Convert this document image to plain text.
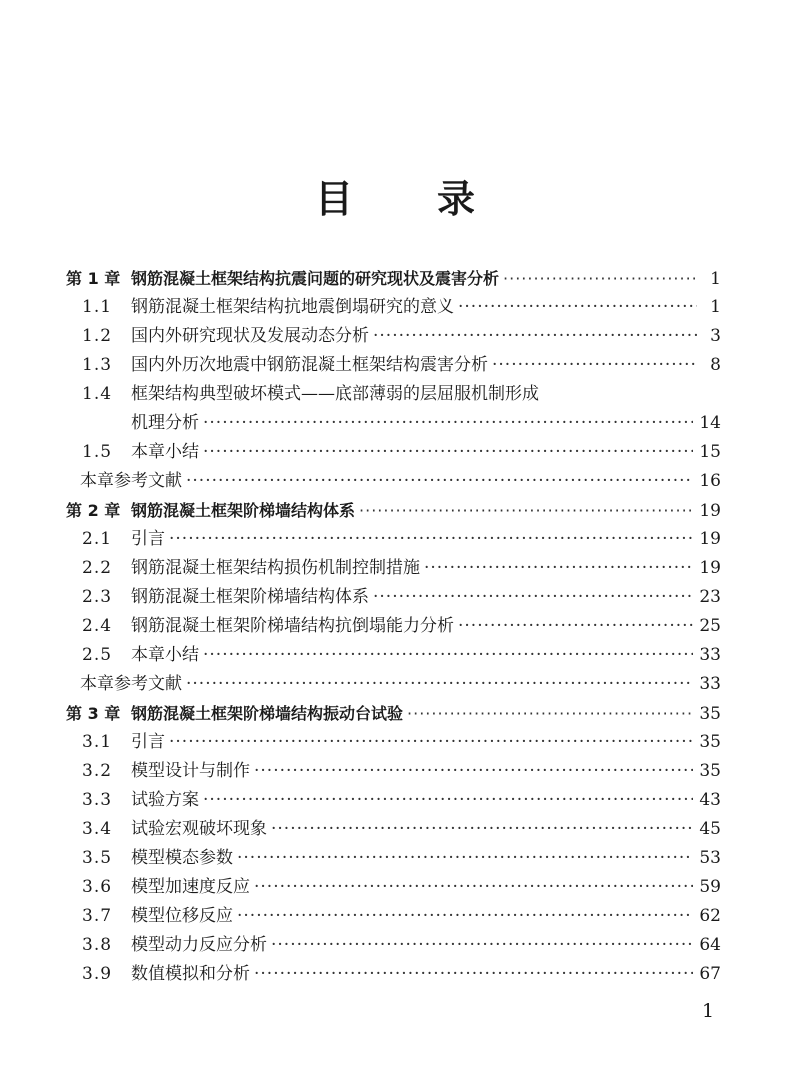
目 录
第 1 章 钢筋混凝土框架结构抗震问题的研究现状及震害分析 ·····	1
1.1	钢筋混凝土框架结构抗地震倒塌研究的意义 ·····	1
1.2	国内外研究现状及发展动态分析 ·····	3
1.3	国内外历次地震中钢筋混凝土框架结构震害分析 ·····	8
1.4	框架结构典型破坏模式——底部薄弱的层屈服机制形成
机理分析 ·····	14
1.5	本章小结 ·····	15
本章参考文献 ·····	16
第 2 章 钢筋混凝土框架阶梯墙结构体系 ·····	19
2.1	引言 ·····	19
2.2	钢筋混凝土框架结构损伤机制控制措施 ·····	19
2.3	钢筋混凝土框架阶梯墙结构体系 ·····	23
2.4	钢筋混凝土框架阶梯墙结构抗倒塌能力分析 ·····	25
2.5	本章小结 ·····	33
本章参考文献 ·····	33
第 3 章 钢筋混凝土框架阶梯墙结构振动台试验 ·····	35
3.1	引言 ·····	35
3.2	模型设计与制作 ·····	35
3.3	试验方案 ·····	43
3.4	试验宏观破坏现象 ·····	45
3.5	模型模态参数 ·····	53
3.6	模型加速度反应 ·····	59
3.7	模型位移反应 ·····	62
3.8	模型动力反应分析 ·····	64
3.9	数值模拟和分析 ·····	67
1
